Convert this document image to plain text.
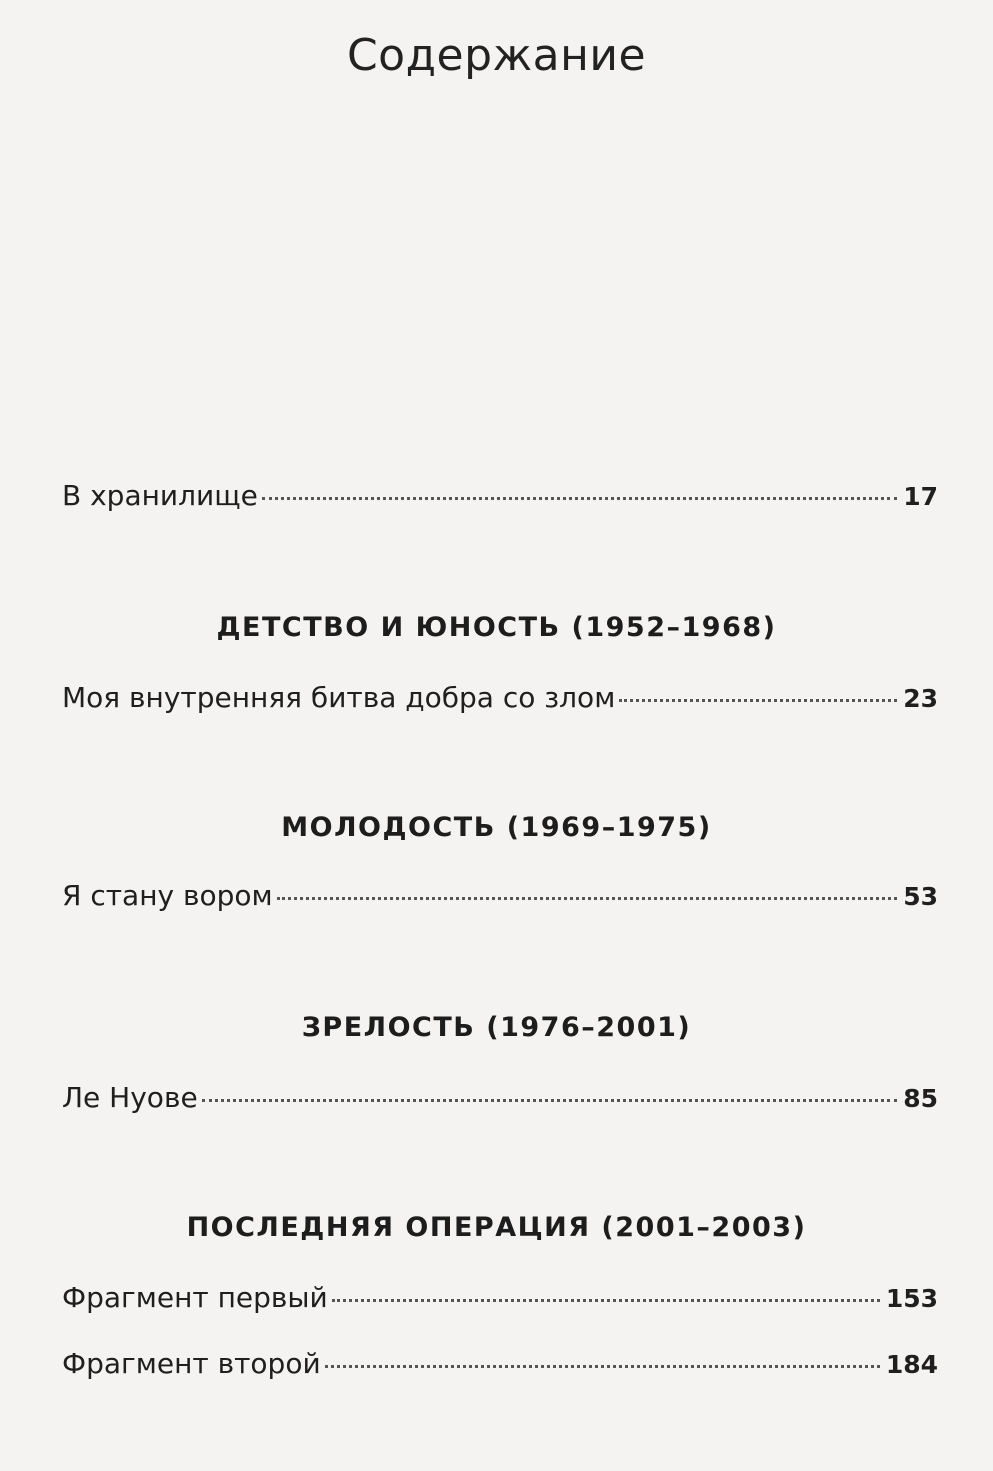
Содержание
В хранилище	17
ДЕТСТВО И ЮНОСТЬ (1952–1968)
Моя внутренняя битва добра со злом	23
МОЛОДОСТЬ (1969–1975)
Я стану вором	53
ЗРЕЛОСТЬ (1976–2001)
Ле Нуове	85
ПОСЛЕДНЯЯ ОПЕРАЦИЯ (2001–2003)
Фрагмент первый	153
Фрагмент второй	184
